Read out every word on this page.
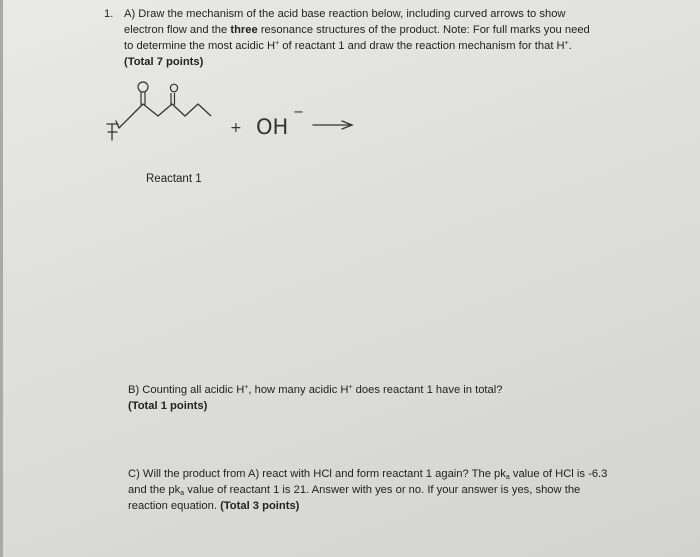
1. A) Draw the mechanism of the acid base reaction below, including curved arrows to show
electron flow and the three resonance structures of the product. Note: For full marks you need
to determine the most acidic H+ of reactant 1 and draw the reaction mechanism for that H+.
(Total 7 points)
+ OH
−
Reactant 1
B) Counting all acidic H+, how many acidic H+ does reactant 1 have in total?
(Total 1 points)
C) Will the product from A) react with HCl and form reactant 1 again? The $pk_a$ value of HCl is -6.3
and the $pk_a$ value of reactant 1 is 21. Answer with yes or no. If your answer is yes, show the
reaction equation. (Total 3 points)
